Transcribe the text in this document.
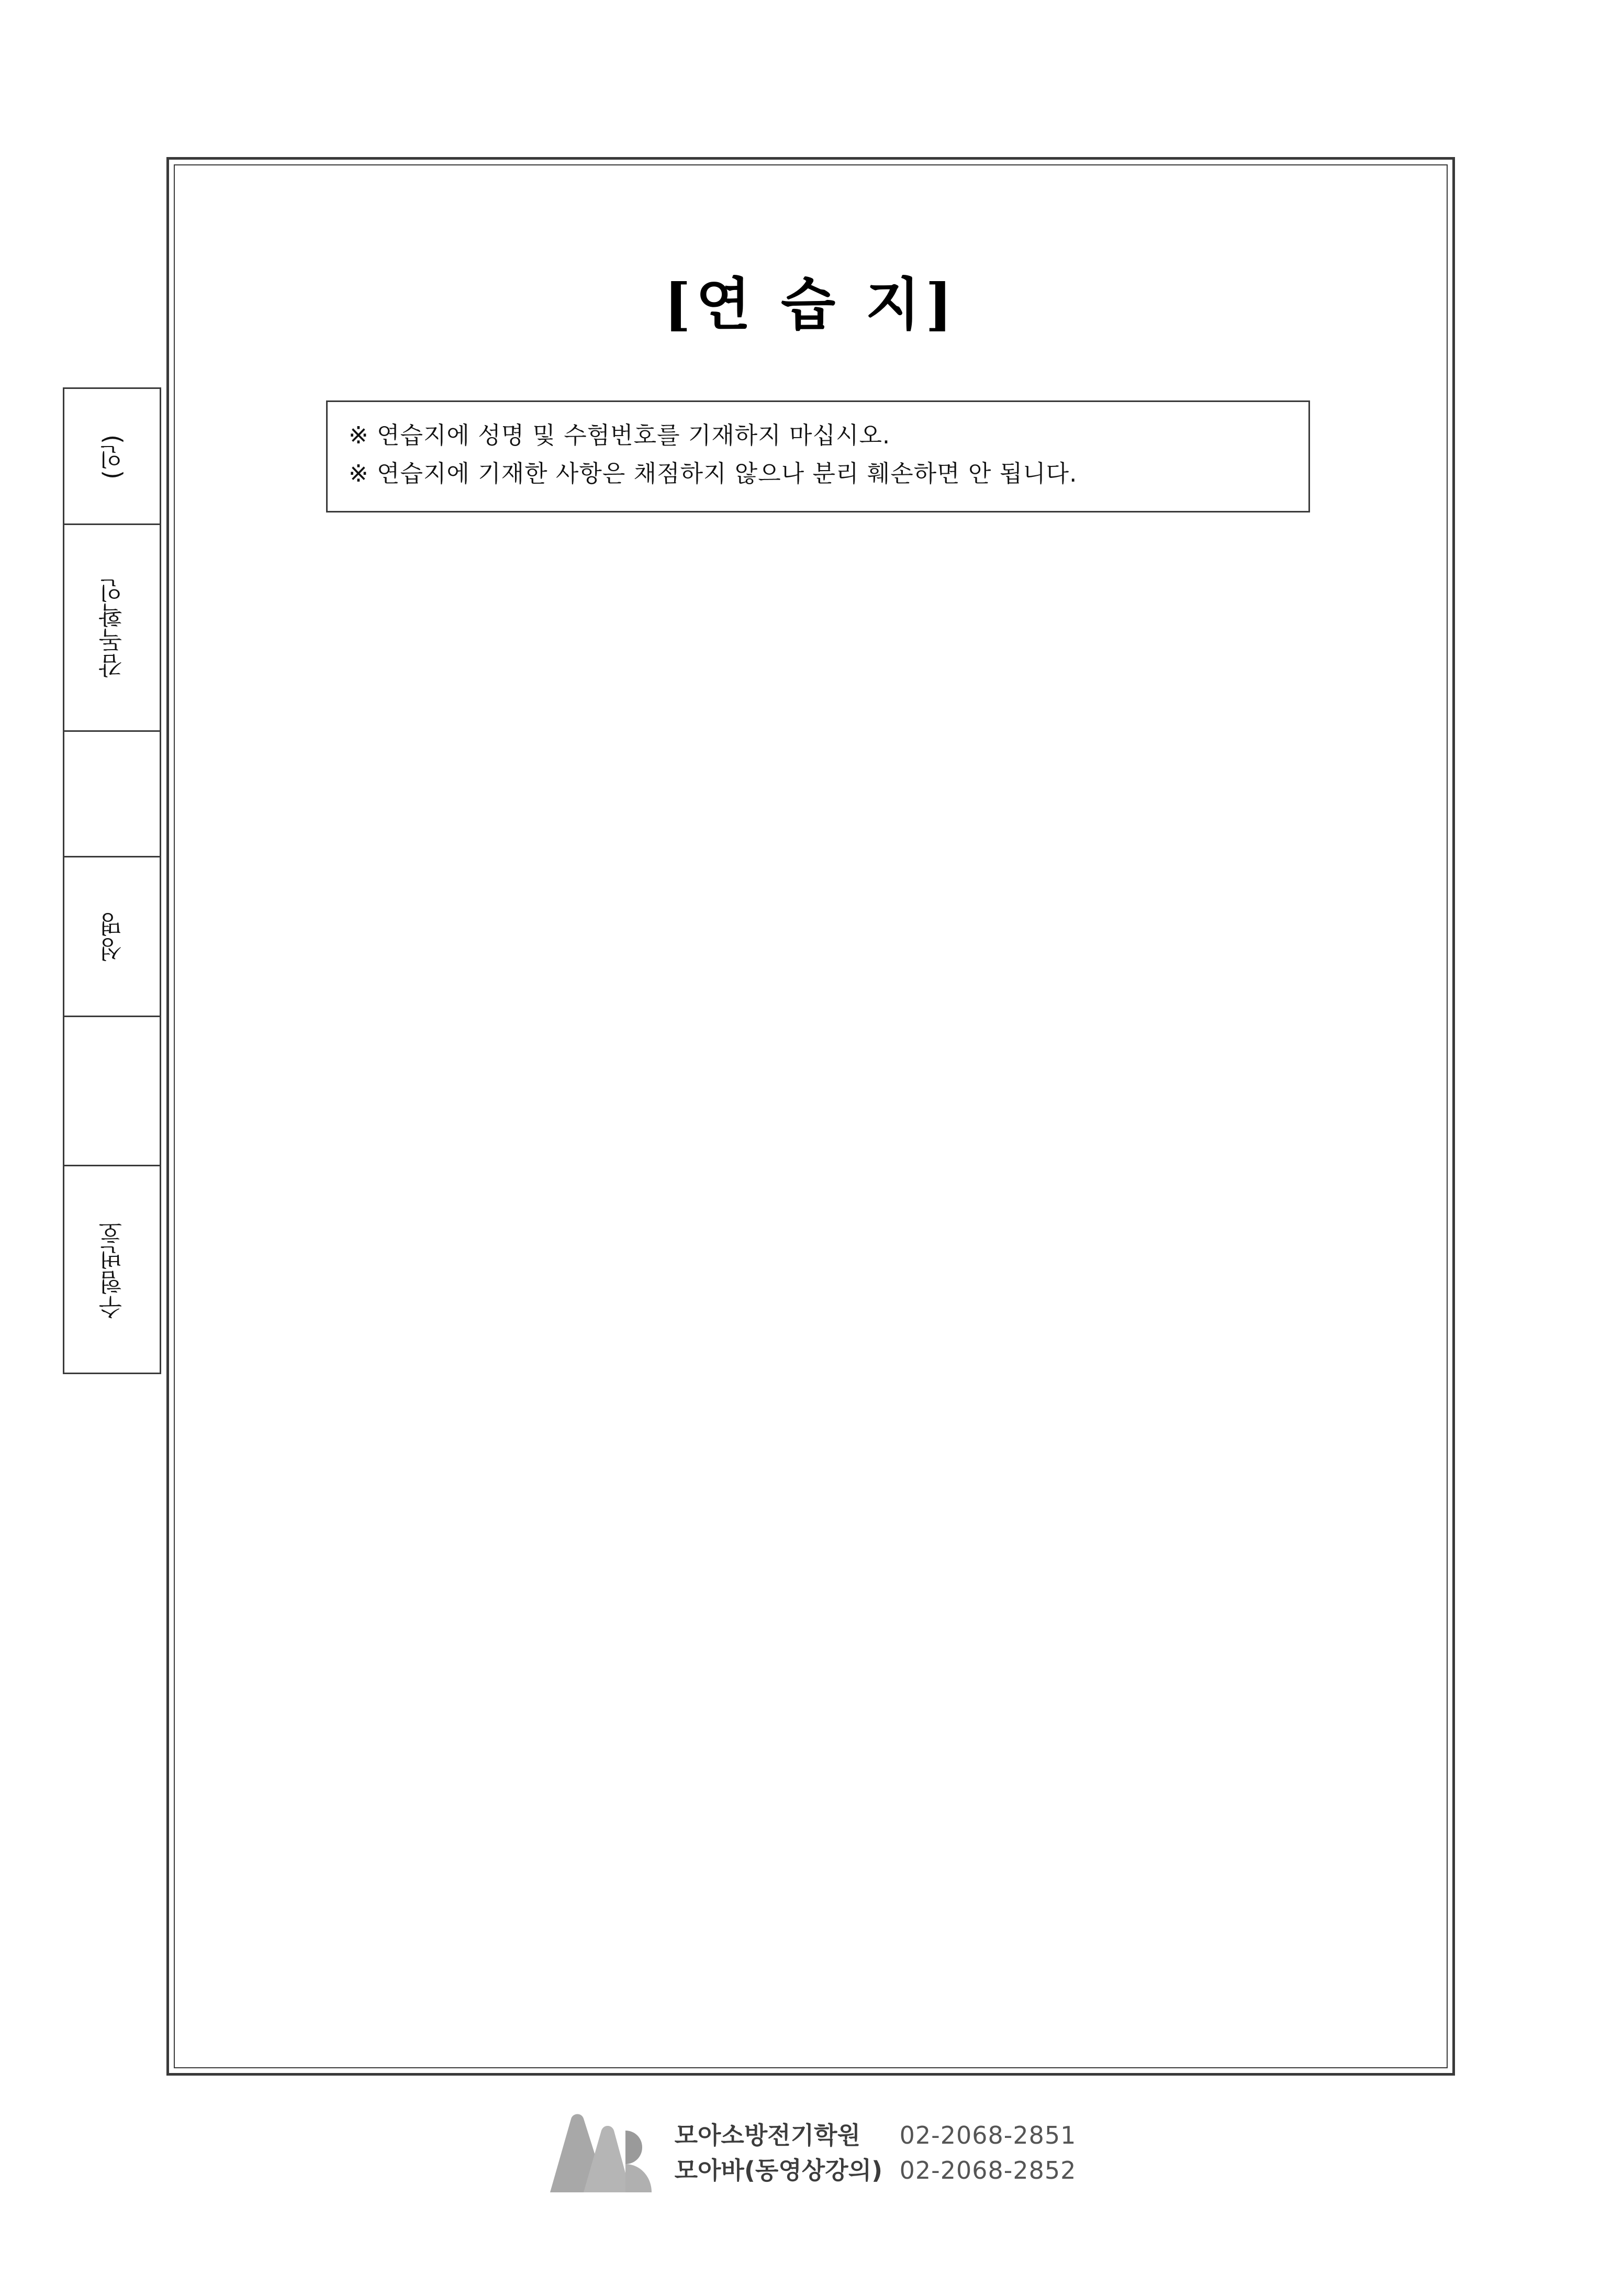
[연 습 지]
※ 연습지에 성명 및 수험번호를 기재하지 마십시오.
※ 연습지에 기재한 사항은 채점하지 않으나 분리 훼손하면 안 됩니다.
(인)
감독확인
성명
수험번호
모아소방전기학원	02-2068-2851
모아바(동영상강의) 02-2068-2852
